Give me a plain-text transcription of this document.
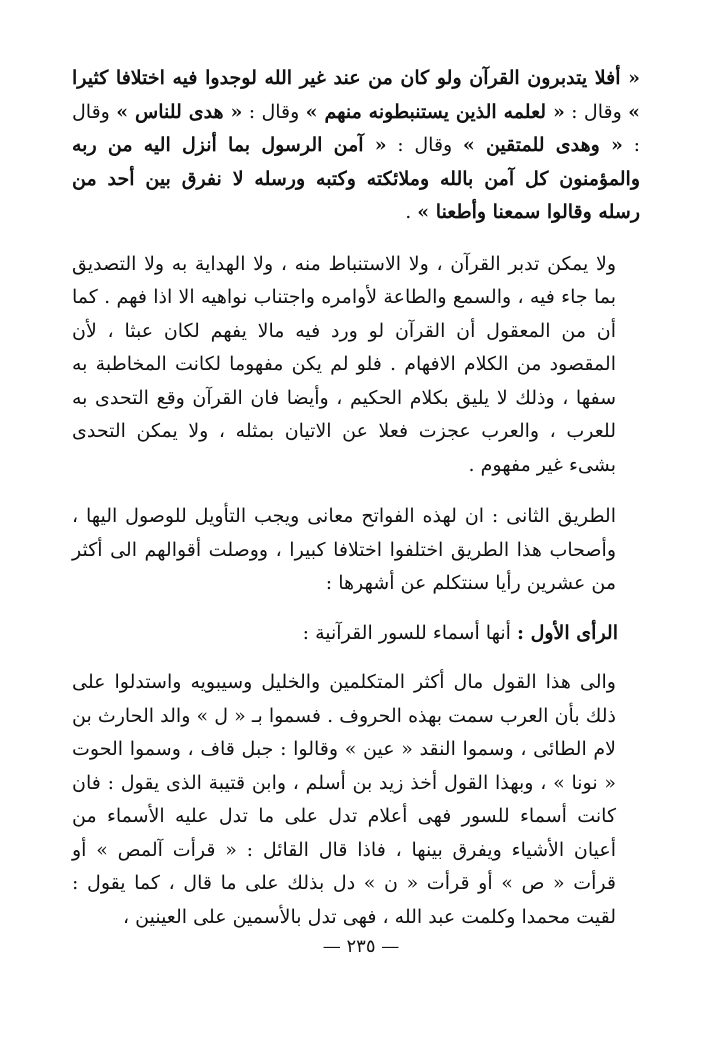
« أفلا يتدبرون القرآن ولو كان من عند غير الله لوجدوا فيه اختلافا كثيرا » وقال : « لعلمه الذين يستنبطونه منهم » وقال : « هدى للناس » وقال : « وهدى للمتقين » وقال : « آمن الرسول بما أنزل اليه من ربه والمؤمنون كل آمن بالله وملائكته وكتبه ورسله لا نفرق بين أحد من رسله وقالوا سمعنا وأطعنا » .

ولا يمكن تدبر القرآن ، ولا الاستنباط منه ، ولا الهداية به ولا التصديق بما جاء فيه ، والسمع والطاعة لأوامره واجتناب نواهيه الا اذا فهم . كما أن من المعقول أن القرآن لو ورد فيه مالا يفهم لكان عبثا ، لأن المقصود من الكلام الافهام . فلو لم يكن مفهوما لكانت المخاطبة به سفها ، وذلك لا يليق بكلام الحكيم ، وأيضا فان القرآن وقع التحدى به للعرب ، والعرب عجزت فعلا عن الاتيان بمثله ، ولا يمكن التحدى بشىء غير مفهوم .

الطريق الثانى : ان لهذه الفواتح معانى ويجب التأويل للوصول اليها ، وأصحاب هذا الطريق اختلفوا اختلافا كبيرا ، ووصلت أقوالهم الى أكثر من عشرين رأيا سنتكلم عن أشهرها :

الرأى الأول : أنها أسماء للسور القرآنية :

والى هذا القول مال أكثر المتكلمين والخليل وسيبويه واستدلوا على ذلك بأن العرب سمت بهذه الحروف . فسموا بـ « ل » والد الحارث بن لام الطائى ، وسموا النقد « عين » وقالوا : جبل قاف ، وسموا الحوت « نونا » ، وبهذا القول أخذ زيد بن أسلم ، وابن قتيبة الذى يقول : فان كانت أسماء للسور فهى أعلام تدل على ما تدل عليه الأسماء من أعيان الأشياء ويفرق بينها ، فاذا قال القائل : « قرأت آلمص » أو قرأت « ص » أو قرأت « ن » دل بذلك على ما قال ، كما يقول : لقيت محمدا وكلمت عبد الله ، فهى تدل بالأسمين على العينين ،

— ٢٣٥ —
